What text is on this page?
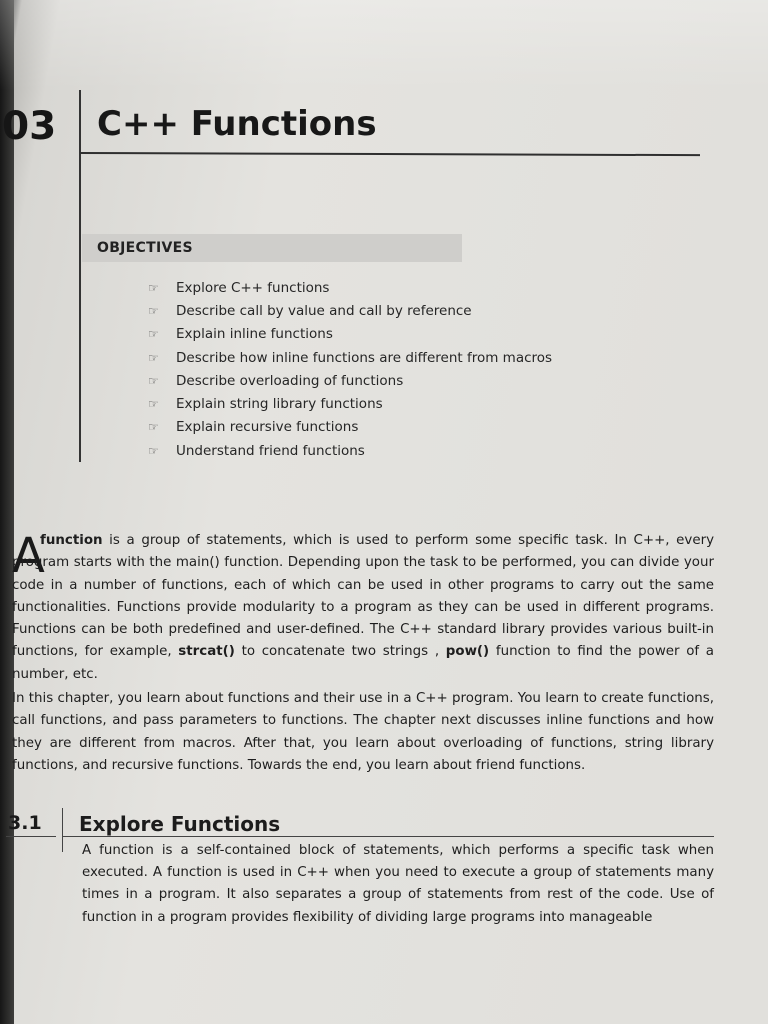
03 C++ Functions
OBJECTIVES
☞	Explore C++ functions
☞	Describe call by value and call by reference
☞	Explain inline functions
☞	Describe how inline functions are different from macros
☞	Describe overloading of functions
☞	Explain string library functions
☞	Explain recursive functions
☞	Understand friend functions
A
function is a group of statements, which is used to perform some specific task. In C++, every program starts with the main() function. Depending upon the task to be performed, you can divide your code in a number of functions, each of which can be used in other programs to carry out the same functionalities. Functions provide modularity to a program as they can be used in different programs. Functions can be both predefined and user-defined. The C++ standard library provides various built-in functions, for example, strcat() to concatenate two strings , pow() function to find the power of a number, etc.
In this chapter, you learn about functions and their use in a C++ program. You learn to create functions, call functions, and pass parameters to functions. The chapter next discusses inline functions and how they are different from macros. After that, you learn about overloading of functions, string library functions, and recursive functions. Towards the end, you learn about friend functions.
3.1 Explore Functions
A function is a self-contained block of statements, which performs a specific task when executed. A function is used in C++ when you need to execute a group of statements many times in a program. It also separates a group of statements from rest of the code. Use of function in a program provides flexibility of dividing large programs into manageable
